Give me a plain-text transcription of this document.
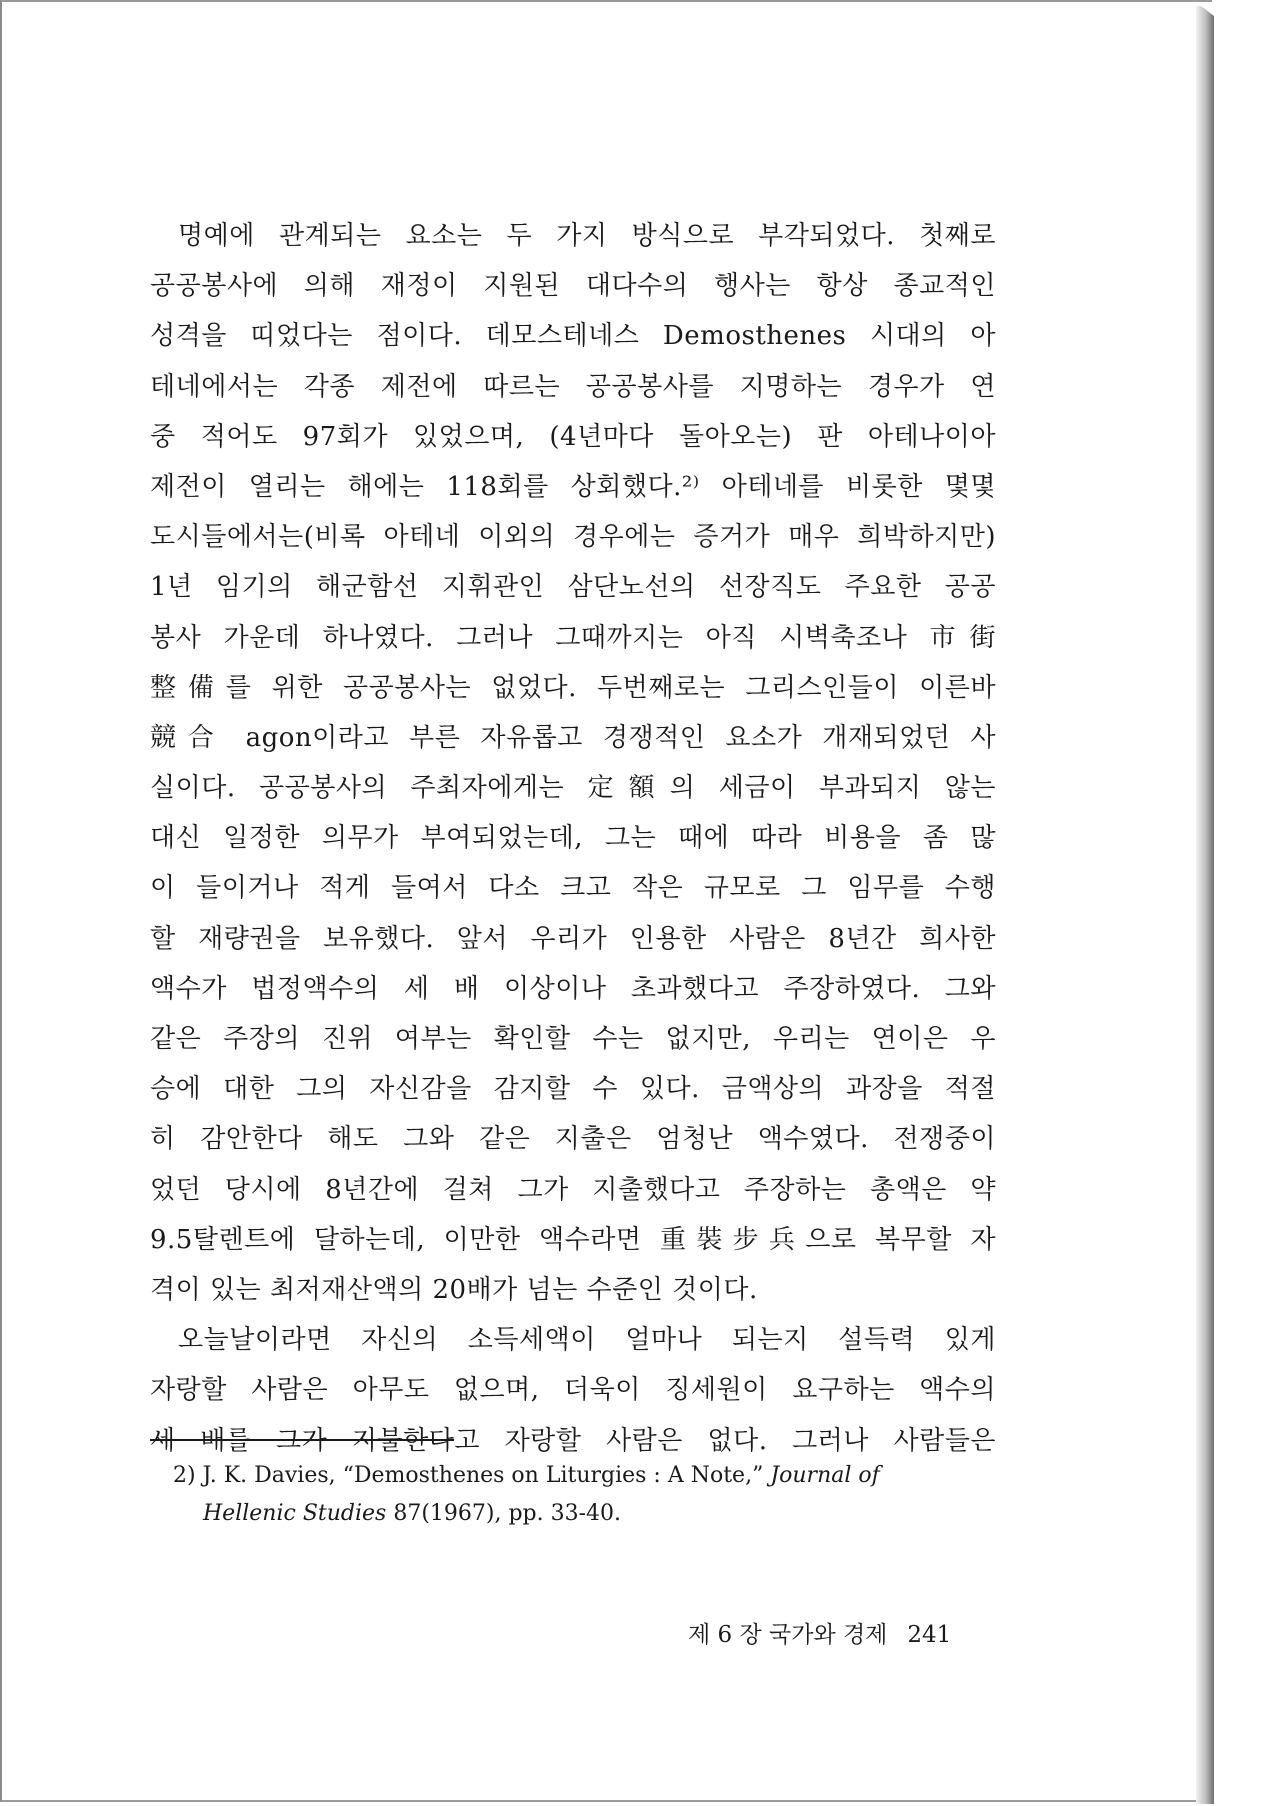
명예에 관계되는 요소는 두 가지 방식으로 부각되었다. 첫째로
공공봉사에 의해 재정이 지원된 대다수의 행사는 항상 종교적인
성격을 띠었다는 점이다. 데모스테네스 Demosthenes 시대의 아
테네에서는 각종 제전에 따르는 공공봉사를 지명하는 경우가 연
중 적어도 97회가 있었으며, (4년마다 돌아오는) 판 아테나이아
제전이 열리는 해에는 118회를 상회했다.²⁾ 아테네를 비롯한 몇몇
도시들에서는(비록 아테네 이외의 경우에는 증거가 매우 희박하지만)
1년 임기의 해군함선 지휘관인 삼단노선의 선장직도 주요한 공공
봉사 가운데 하나였다. 그러나 그때까지는 아직 시벽축조나 市街
整備를 위한 공공봉사는 없었다. 두번째로는 그리스인들이 이른바
競合 agon이라고 부른 자유롭고 경쟁적인 요소가 개재되었던 사
실이다. 공공봉사의 주최자에게는 定額의 세금이 부과되지 않는
대신 일정한 의무가 부여되었는데, 그는 때에 따라 비용을 좀 많
이 들이거나 적게 들여서 다소 크고 작은 규모로 그 임무를 수행
할 재량권을 보유했다. 앞서 우리가 인용한 사람은 8년간 희사한
액수가 법정액수의 세 배 이상이나 초과했다고 주장하였다. 그와
같은 주장의 진위 여부는 확인할 수는 없지만, 우리는 연이은 우
승에 대한 그의 자신감을 감지할 수 있다. 금액상의 과장을 적절
히 감안한다 해도 그와 같은 지출은 엄청난 액수였다. 전쟁중이
었던 당시에 8년간에 걸쳐 그가 지출했다고 주장하는 총액은 약
9.5탈렌트에 달하는데, 이만한 액수라면 重裝步兵으로 복무할 자
격이 있는 최저재산액의 20배가 넘는 수준인 것이다.
오늘날이라면 자신의 소득세액이 얼마나 되는지 설득력 있게
자랑할 사람은 아무도 없으며, 더욱이 징세원이 요구하는 액수의
세 배를 그가 지불한다고 자랑할 사람은 없다. 그러나 사람들은
2) J. K. Davies, “Demosthenes on Liturgies : A Note,” Journal of
Hellenic Studies 87(1967), pp. 33-40.
제 6 장 국가와 경제 241
